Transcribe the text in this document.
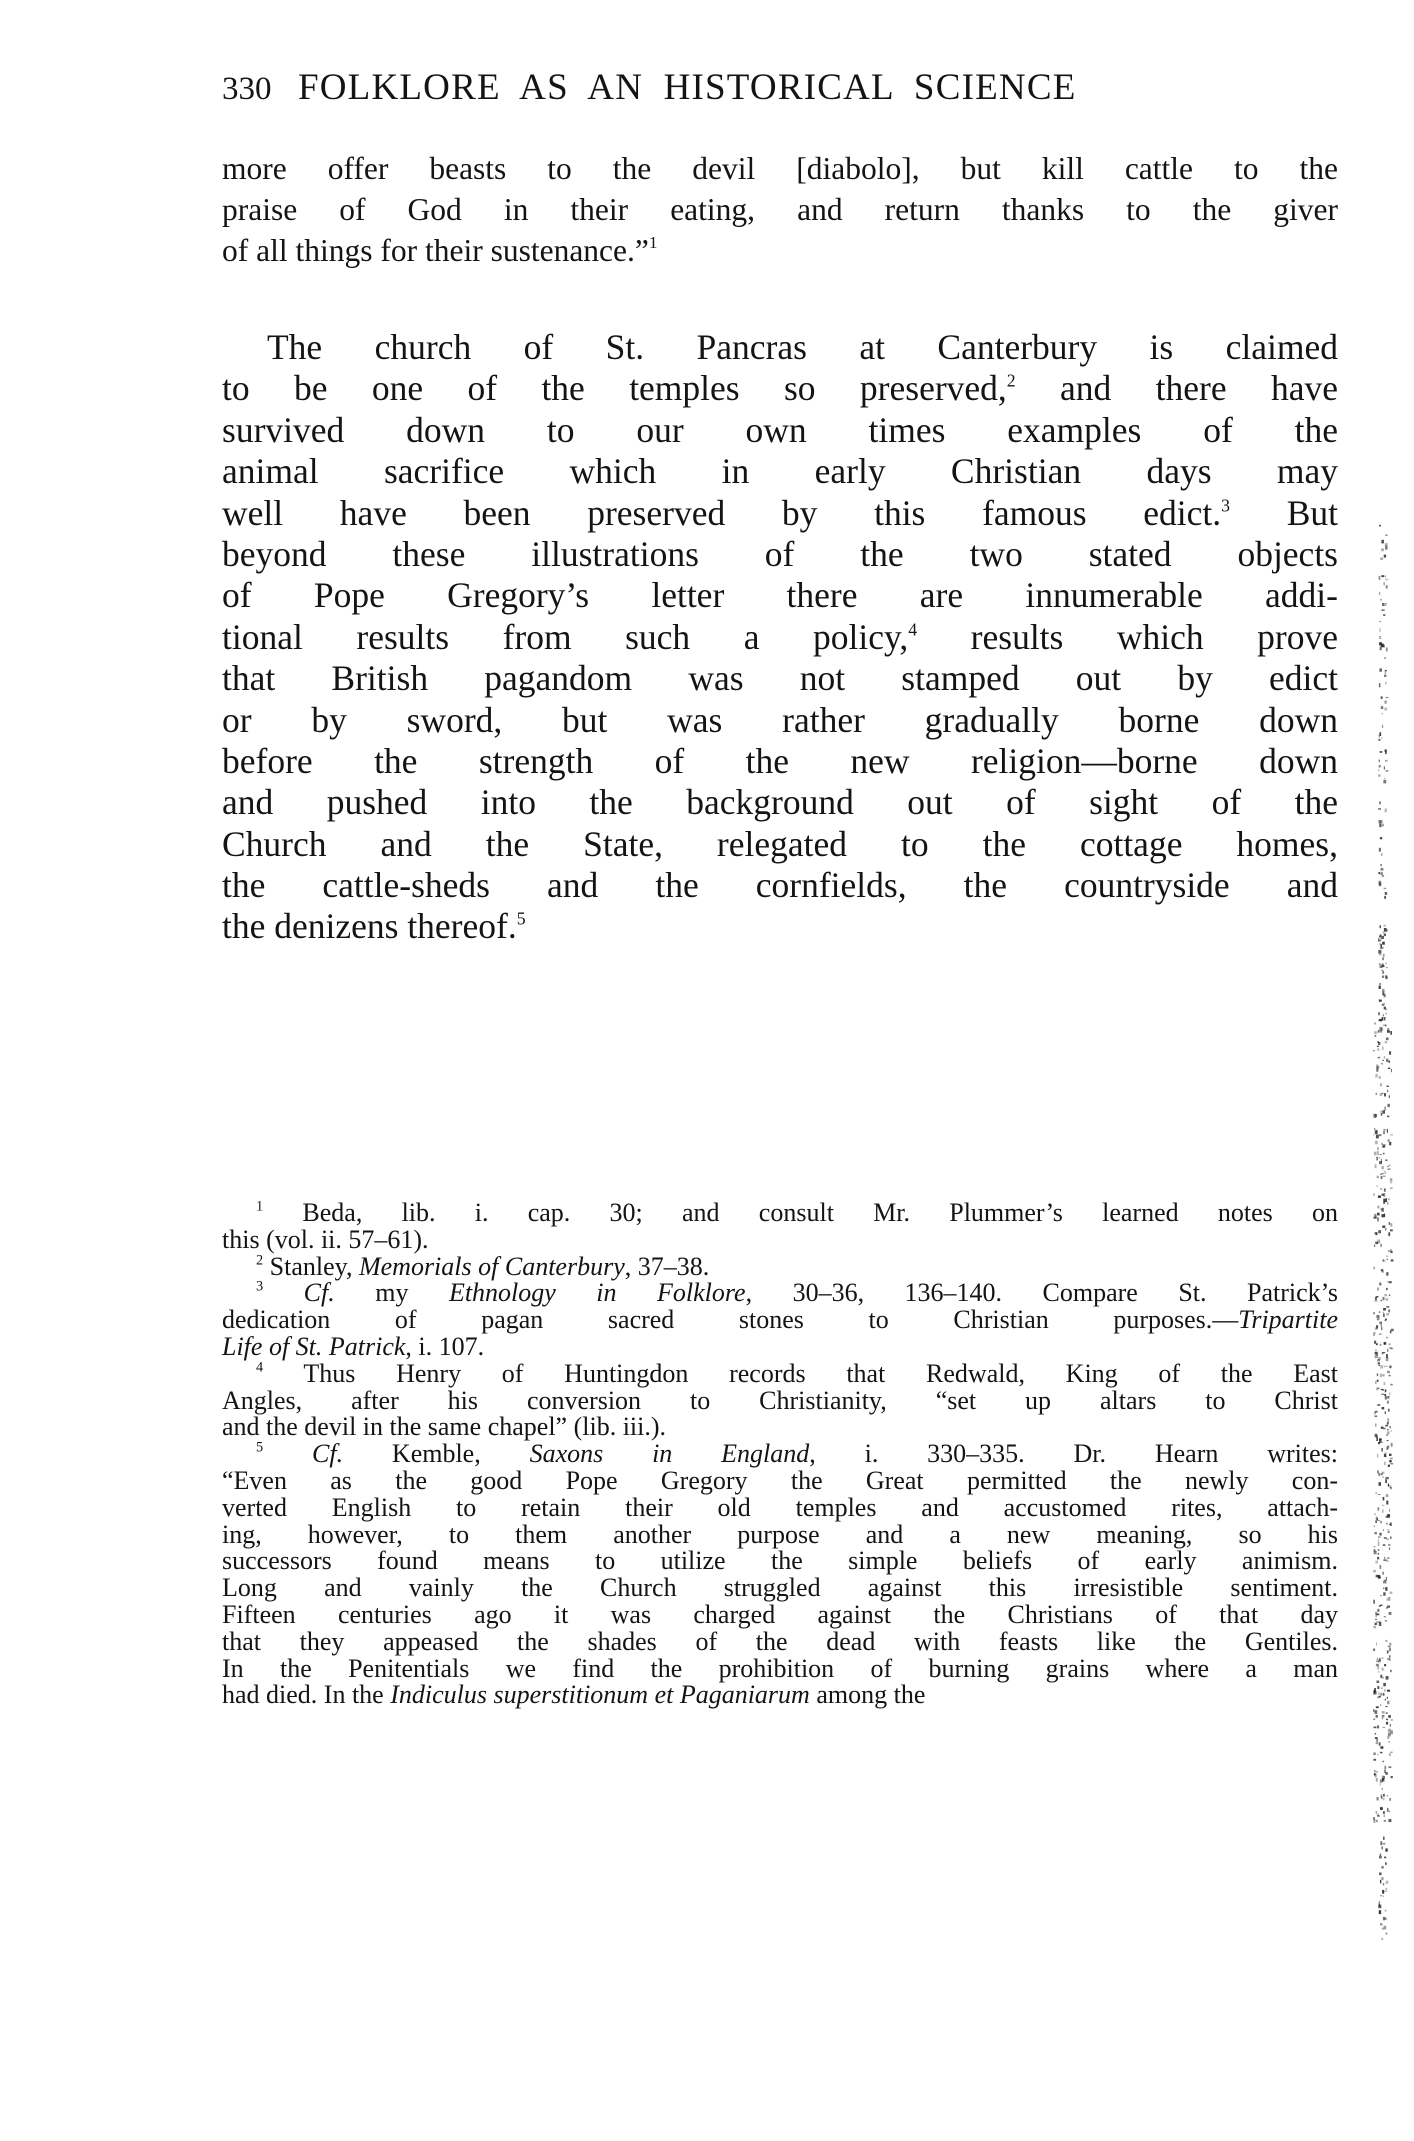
330 FOLKLORE AS AN HISTORICAL SCIENCE
more offer beasts to the devil [diabolo], but kill cattle to the
praise of God in their eating, and return thanks to the giver
of all things for their sustenance.”$^1$
The church of St. Pancras at Canterbury is claimed
to be one of the temples so preserved,$^2$ and there have
survived down to our own times examples of the
animal sacrifice which in early Christian days may
well have been preserved by this famous edict.$^3$ But
beyond these illustrations of the two stated objects
of Pope Gregory’s letter there are innumerable addi-
tional results from such a policy,$^4$ results which prove
that British pagandom was not stamped out by edict
or by sword, but was rather gradually borne down
before the strength of the new religion—borne down
and pushed into the background out of sight of the
Church and the State, relegated to the cottage homes,
the cattle-sheds and the cornfields, the countryside and
the denizens thereof.$^5$
$^1$ Beda, lib. i. cap. 30; and consult Mr. Plummer’s learned notes on
this (vol. ii. 57–61).
$^2$ Stanley, Memorials of Canterbury, 37–38.
$^3$ Cf. my Ethnology in Folklore, 30–36, 136–140. Compare St. Patrick’s
dedication of pagan sacred stones to Christian purposes.—Tripartite
Life of St. Patrick, i. 107.
$^4$ Thus Henry of Huntingdon records that Redwald, King of the East
Angles, after his conversion to Christianity, “set up altars to Christ
and the devil in the same chapel” (lib. iii.).
$^5$ Cf. Kemble, Saxons in England, i. 330–335. Dr. Hearn writes:
“Even as the good Pope Gregory the Great permitted the newly con-
verted English to retain their old temples and accustomed rites, attach-
ing, however, to them another purpose and a new meaning, so his
successors found means to utilize the simple beliefs of early animism.
Long and vainly the Church struggled against this irresistible sentiment.
Fifteen centuries ago it was charged against the Christians of that day
that they appeased the shades of the dead with feasts like the Gentiles.
In the Penitentials we find the prohibition of burning grains where a man
had died. In the Indiculus superstitionum et Paganiarum among the
